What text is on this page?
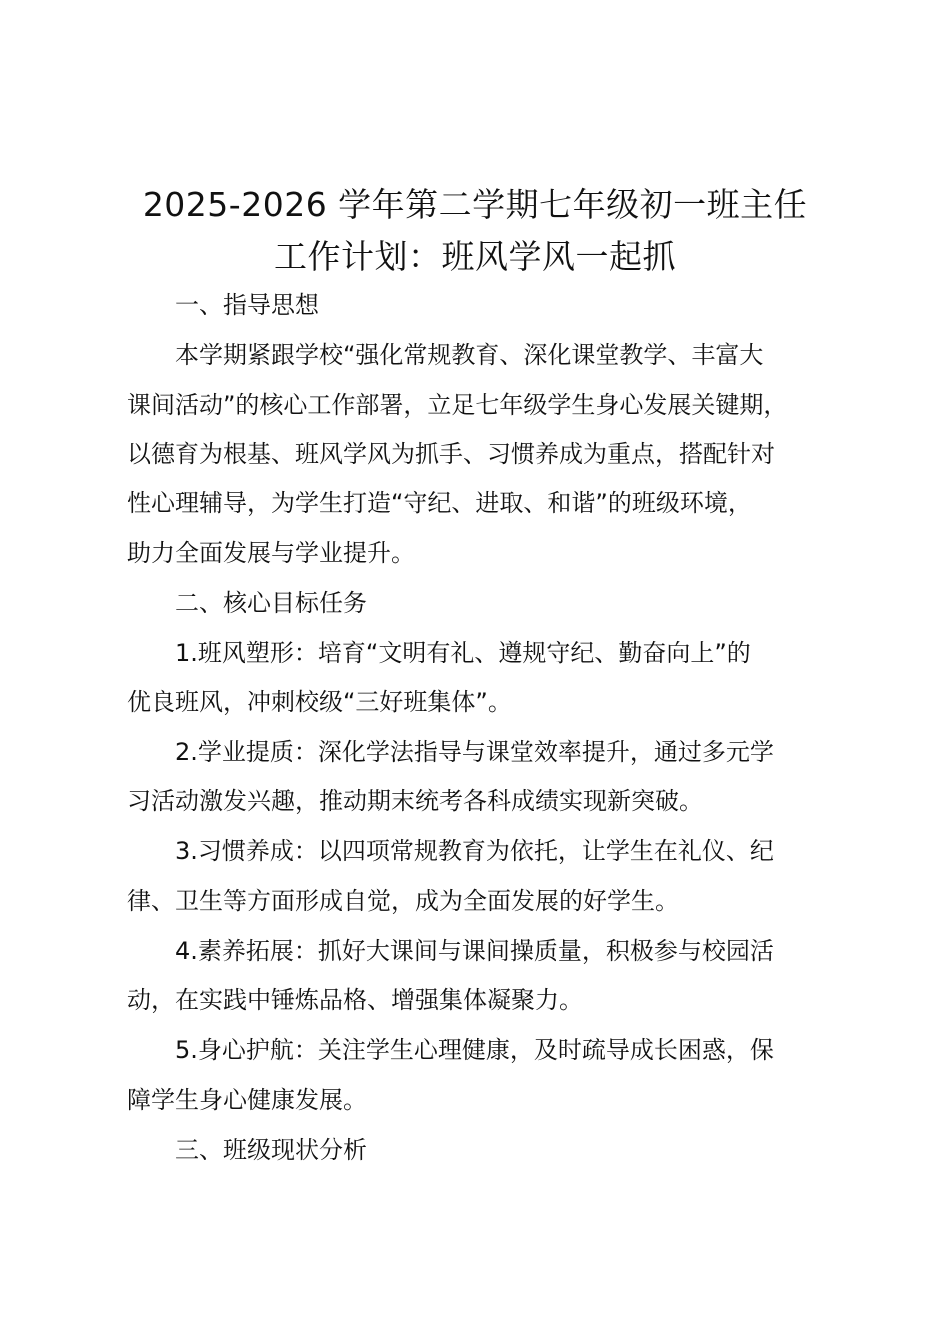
2025-2026 学年第二学期七年级初一班主任
工作计划：班风学风一起抓

　　一、指导思想

　　本学期紧跟学校“强化常规教育、深化课堂教学、丰富大

课间活动”的核心工作部署，立足七年级学生身心发展关键期，

以德育为根基、班风学风为抓手、习惯养成为重点，搭配针对

性心理辅导，为学生打造“守纪、进取、和谐”的班级环境，

助力全面发展与学业提升。

　　二、核心目标任务

　　1.班风塑形：培育“文明有礼、遵规守纪、勤奋向上”的

优良班风，冲刺校级“三好班集体”。

　　2.学业提质：深化学法指导与课堂效率提升，通过多元学

习活动激发兴趣，推动期末统考各科成绩实现新突破。

　　3.习惯养成：以四项常规教育为依托，让学生在礼仪、纪

律、卫生等方面形成自觉，成为全面发展的好学生。

　　4.素养拓展：抓好大课间与课间操质量，积极参与校园活

动，在实践中锤炼品格、增强集体凝聚力。

　　5.身心护航：关注学生心理健康，及时疏导成长困惑，保

障学生身心健康发展。

　　三、班级现状分析
